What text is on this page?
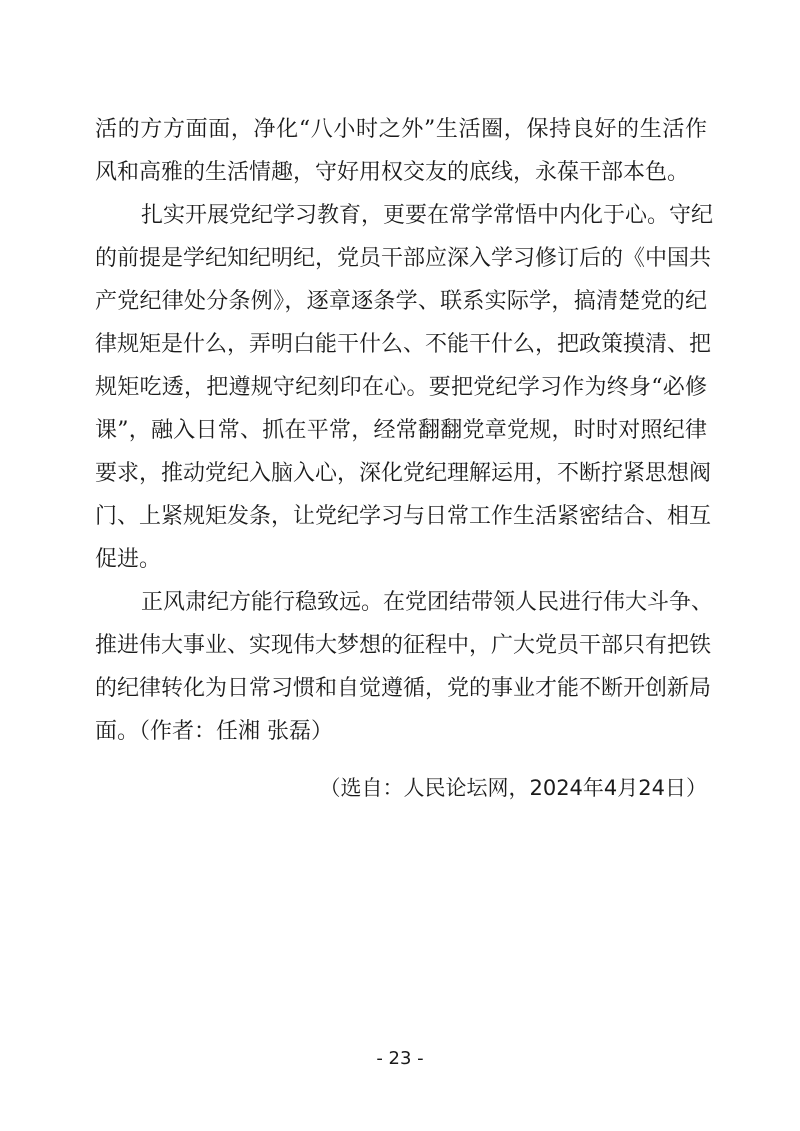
活的方方面面，净化“八小时之外”生活圈，保持良好的生活作
风和高雅的生活情趣，守好用权交友的底线，永葆干部本色。
扎实开展党纪学习教育，更要在常学常悟中内化于心。守纪
的前提是学纪知纪明纪，党员干部应深入学习修订后的《中国共
产党纪律处分条例》，逐章逐条学、联系实际学，搞清楚党的纪
律规矩是什么，弄明白能干什么、不能干什么，把政策摸清、把
规矩吃透，把遵规守纪刻印在心。要把党纪学习作为终身“必修
课”，融入日常、抓在平常，经常翻翻党章党规，时时对照纪律
要求，推动党纪入脑入心，深化党纪理解运用，不断拧紧思想阀
门、上紧规矩发条，让党纪学习与日常工作生活紧密结合、相互
促进。
正风肃纪方能行稳致远。在党团结带领人民进行伟大斗争、
推进伟大事业、实现伟大梦想的征程中，广大党员干部只有把铁
的纪律转化为日常习惯和自觉遵循，党的事业才能不断开创新局
面。（作者：任湘 张磊）
（选自：人民论坛网，2024年4月24日）
- 23 -
